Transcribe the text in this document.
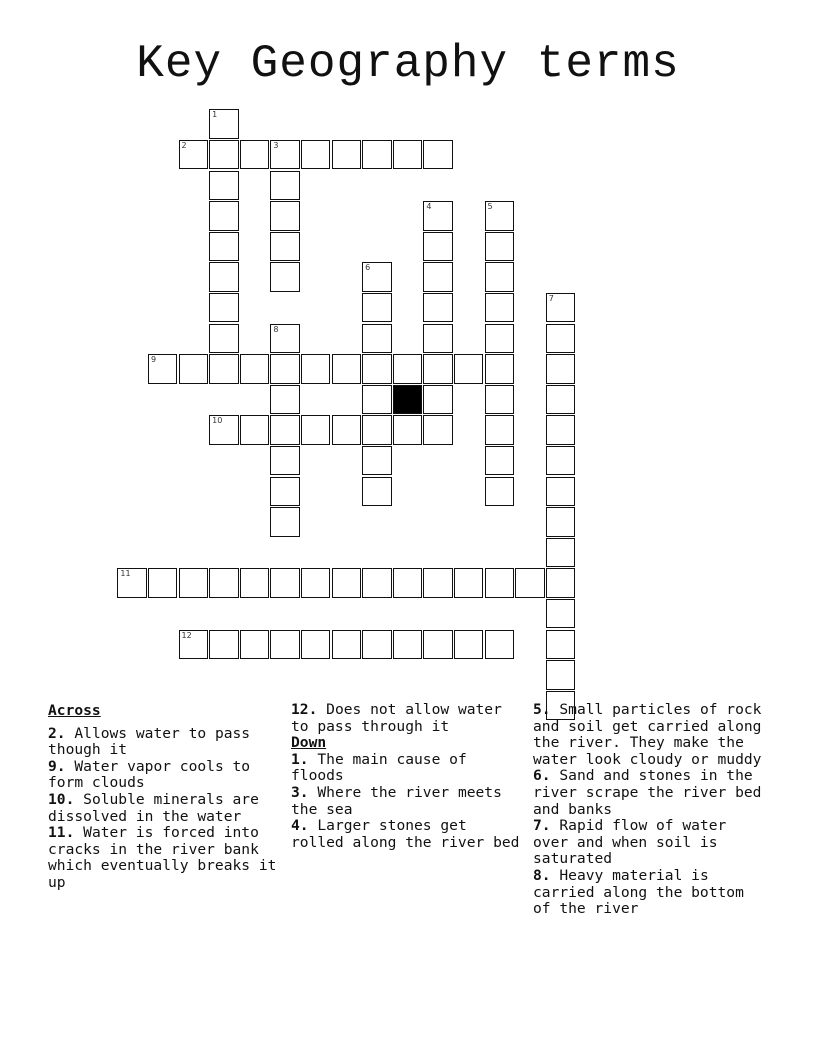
Key Geography terms
1
2	3
4	5
6
7
8
9
10
11
12
Across
2. Allows water to pass though it
9. Water vapor cools to form clouds
10. Soluble minerals are dissolved in the water
11. Water is forced into cracks in the river bank which eventually breaks it up
12. Does not allow water to pass through it
Down
1. The main cause of floods
3. Where the river meets the sea
4. Larger stones get rolled along the river bed
5. Small particles of rock and soil get carried along the river. They make the water look cloudy or muddy
6. Sand and stones in the river scrape the river bed and banks
7. Rapid flow of water over and when soil is saturated
8. Heavy material is carried along the bottom of the river
